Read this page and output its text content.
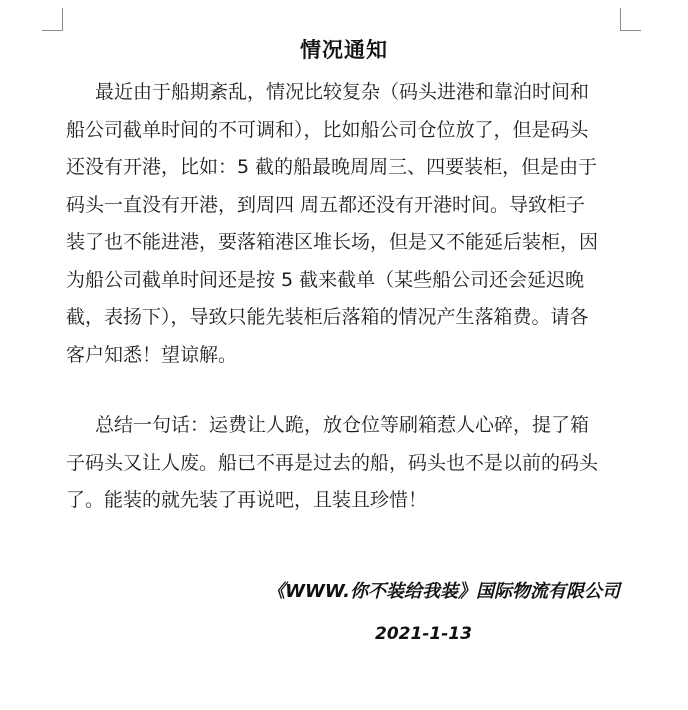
情况通知
最近由于船期紊乱，情况比较复杂（码头进港和靠泊时间和
船公司截单时间的不可调和），比如船公司仓位放了，但是码头
还没有开港，比如：5 截的船最晚周周三、四要装柜，但是由于
码头一直没有开港，到周四 周五都还没有开港时间。导致柜子
装了也不能进港，要落箱港区堆长场，但是又不能延后装柜，因
为船公司截单时间还是按 5 截来截单（某些船公司还会延迟晚
截，表扬下），导致只能先装柜后落箱的情况产生落箱费。请各
客户知悉！望谅解。
总结一句话：运费让人跪，放仓位等刷箱惹人心碎，提了箱
子码头又让人废。船已不再是过去的船，码头也不是以前的码头
了。能装的就先装了再说吧，且装且珍惜！
《WWW.你不装给我装》国际物流有限公司
2021-1-13
